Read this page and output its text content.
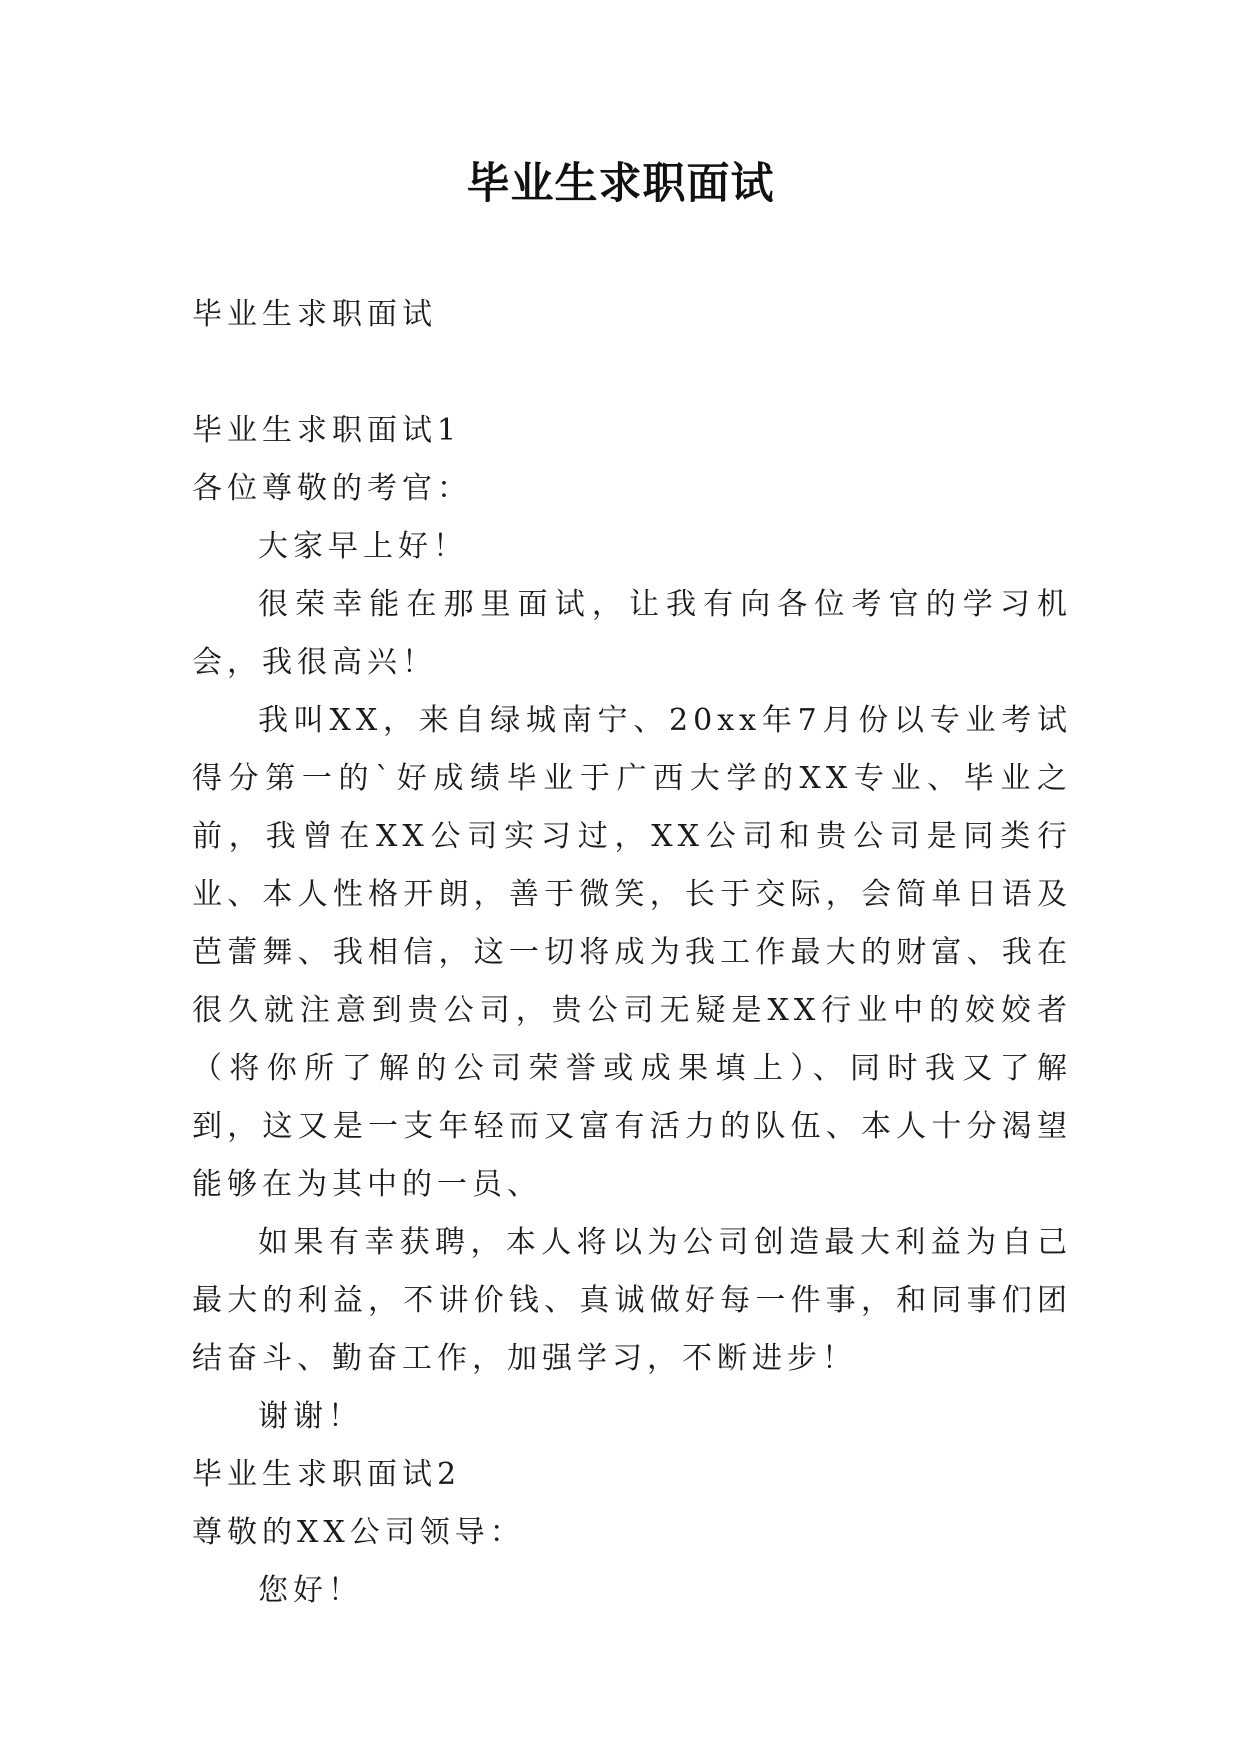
毕业生求职面试

毕业生求职面试

毕业生求职面试1

各位尊敬的考官：

大家早上好！

很荣幸能在那里面试，让我有向各位考官的学习机会，我很高兴！

我叫XX，来自绿城南宁、20xx年7月份以专业考试得分第一的`好成绩毕业于广西大学的XX专业、毕业之前，我曾在XX公司实习过，XX公司和贵公司是同类行业、本人性格开朗，善于微笑，长于交际，会简单日语及芭蕾舞、我相信，这一切将成为我工作最大的财富、我在很久就注意到贵公司，贵公司无疑是XX行业中的姣姣者（将你所了解的公司荣誉或成果填上）、同时我又了解到，这又是一支年轻而又富有活力的队伍、本人十分渴望能够在为其中的一员、

如果有幸获聘，本人将以为公司创造最大利益为自己最大的利益，不讲价钱、真诚做好每一件事，和同事们团结奋斗、勤奋工作，加强学习，不断进步！

谢谢！

毕业生求职面试2

尊敬的XX公司领导：

您好！
